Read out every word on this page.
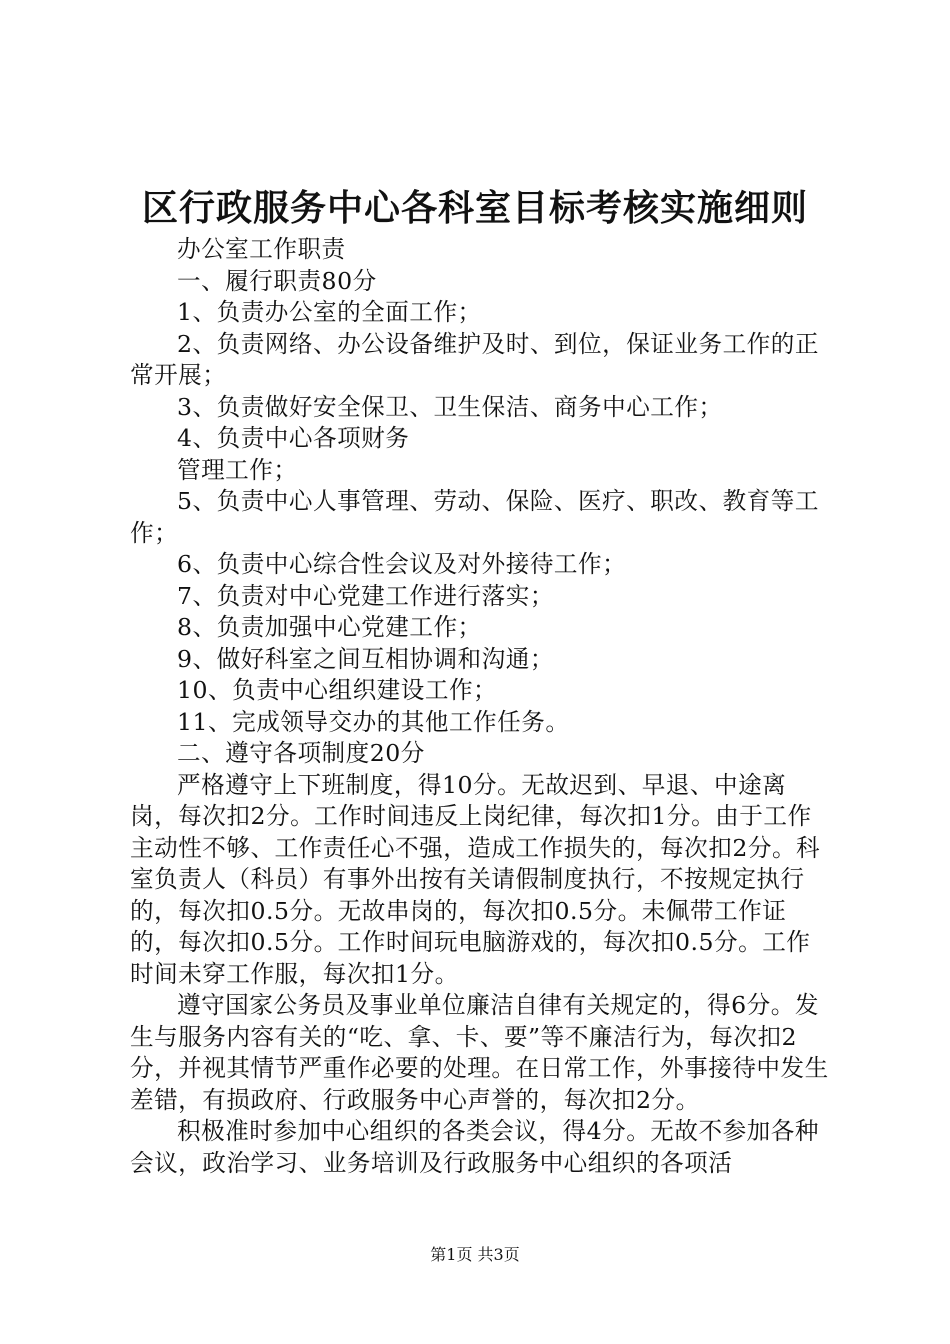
区行政服务中心各科室目标考核实施细则

办公室工作职责

一、履行职责80分

1、负责办公室的全面工作；

2、负责网络、办公设备维护及时、到位，保证业务工作的正常开展；

3、负责做好安全保卫、卫生保洁、商务中心工作；

4、负责中心各项财务

管理工作；

5、负责中心人事管理、劳动、保险、医疗、职改、教育等工作；

6、负责中心综合性会议及对外接待工作；

7、负责对中心党建工作进行落实；

8、负责加强中心党建工作；

9、做好科室之间互相协调和沟通；

10、负责中心组织建设工作；

11、完成领导交办的其他工作任务。

二、遵守各项制度20分

严格遵守上下班制度，得10分。无故迟到、早退、中途离岗，每次扣2分。工作时间违反上岗纪律，每次扣1分。由于工作主动性不够、工作责任心不强，造成工作损失的，每次扣2分。科室负责人（科员）有事外出按有关请假制度执行，不按规定执行的，每次扣0.5分。无故串岗的，每次扣0.5分。未佩带工作证的，每次扣0.5分。工作时间玩电脑游戏的，每次扣0.5分。工作时间未穿工作服，每次扣1分。

遵守国家公务员及事业单位廉洁自律有关规定的，得6分。发生与服务内容有关的“吃、拿、卡、要”等不廉洁行为，每次扣2分，并视其情节严重作必要的处理。在日常工作，外事接待中发生差错，有损政府、行政服务中心声誉的，每次扣2分。

积极准时参加中心组织的各类会议，得4分。无故不参加各种会议，政治学习、业务培训及行政服务中心组织的各项活

第1页 共3页
